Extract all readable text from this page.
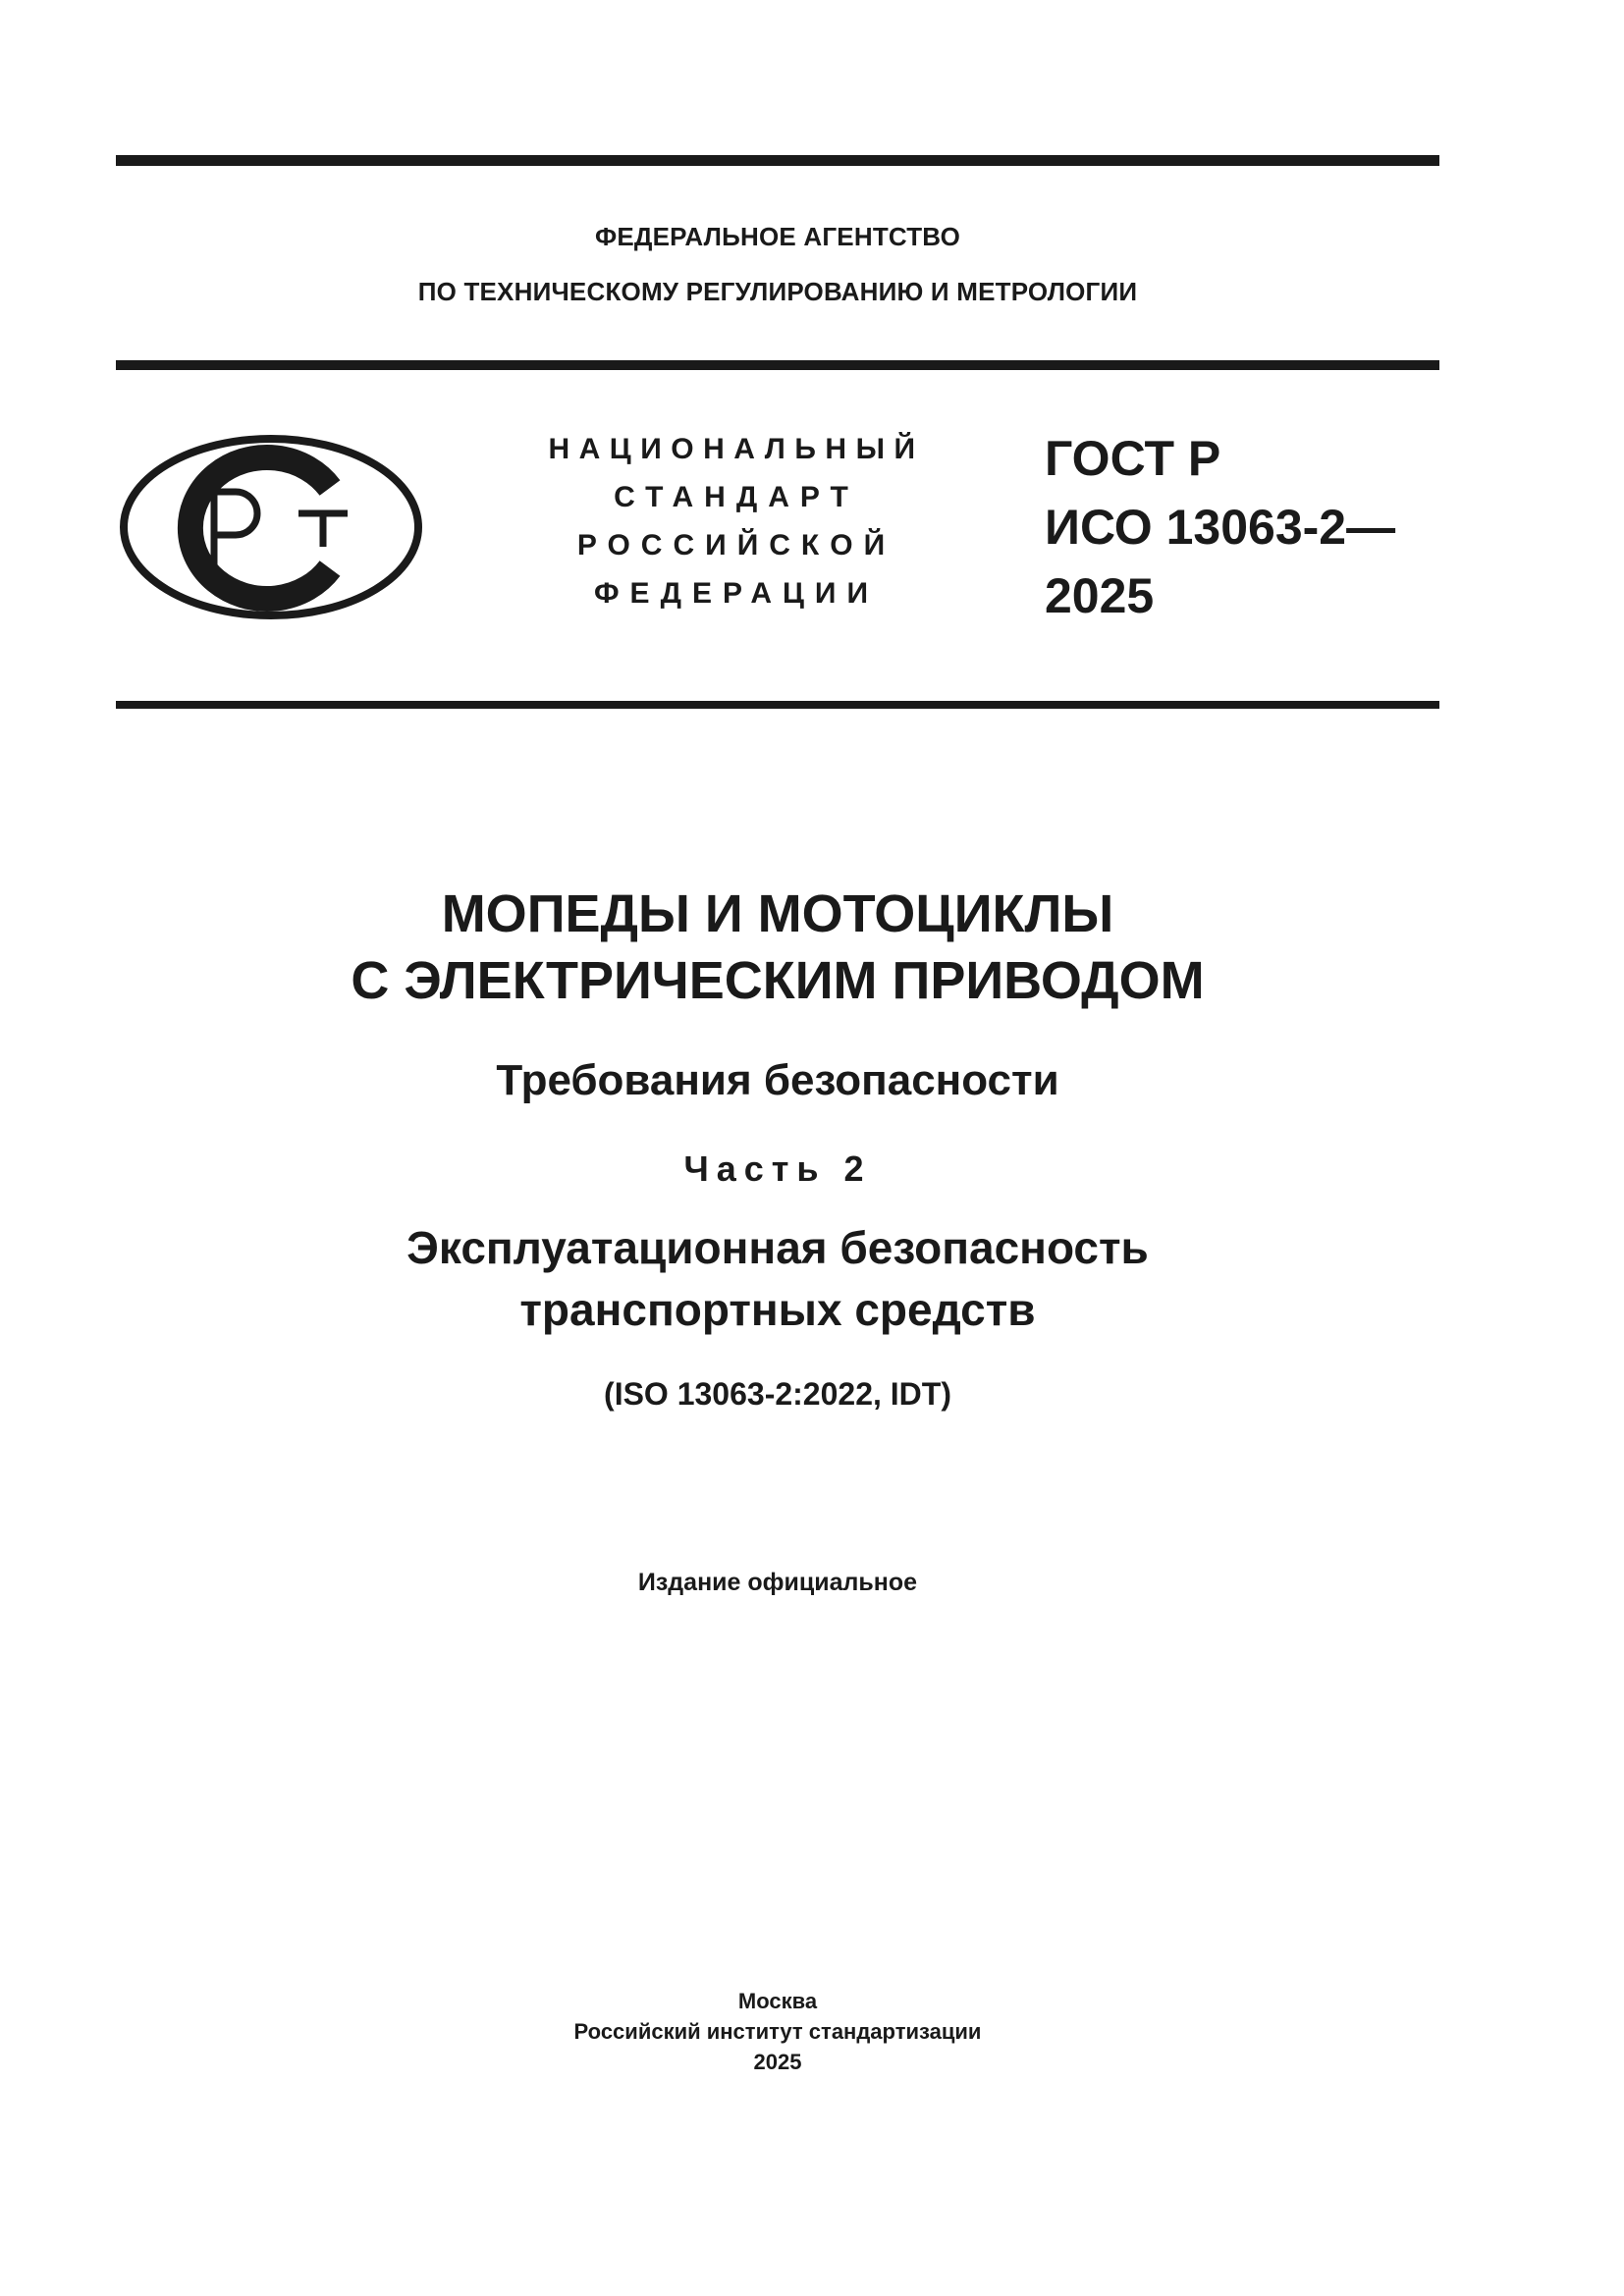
ФЕДЕРАЛЬНОЕ АГЕНТСТВО
ПО ТЕХНИЧЕСКОМУ РЕГУЛИРОВАНИЮ И МЕТРОЛОГИИ
НАЦИОНАЛЬНЫЙ
СТАНДАРТ
РОССИЙСКОЙ
ФЕДЕРАЦИИ
ГОСТ Р
ИСО 13063-2—
2025
МОПЕДЫ И МОТОЦИКЛЫ
С ЭЛЕКТРИЧЕСКИМ ПРИВОДОМ
Требования безопасности
Часть 2
Эксплуатационная безопасность
транспортных средств
(ISO 13063-2:2022, IDT)
Издание официальное
Москва
Российский институт стандартизации
2025
